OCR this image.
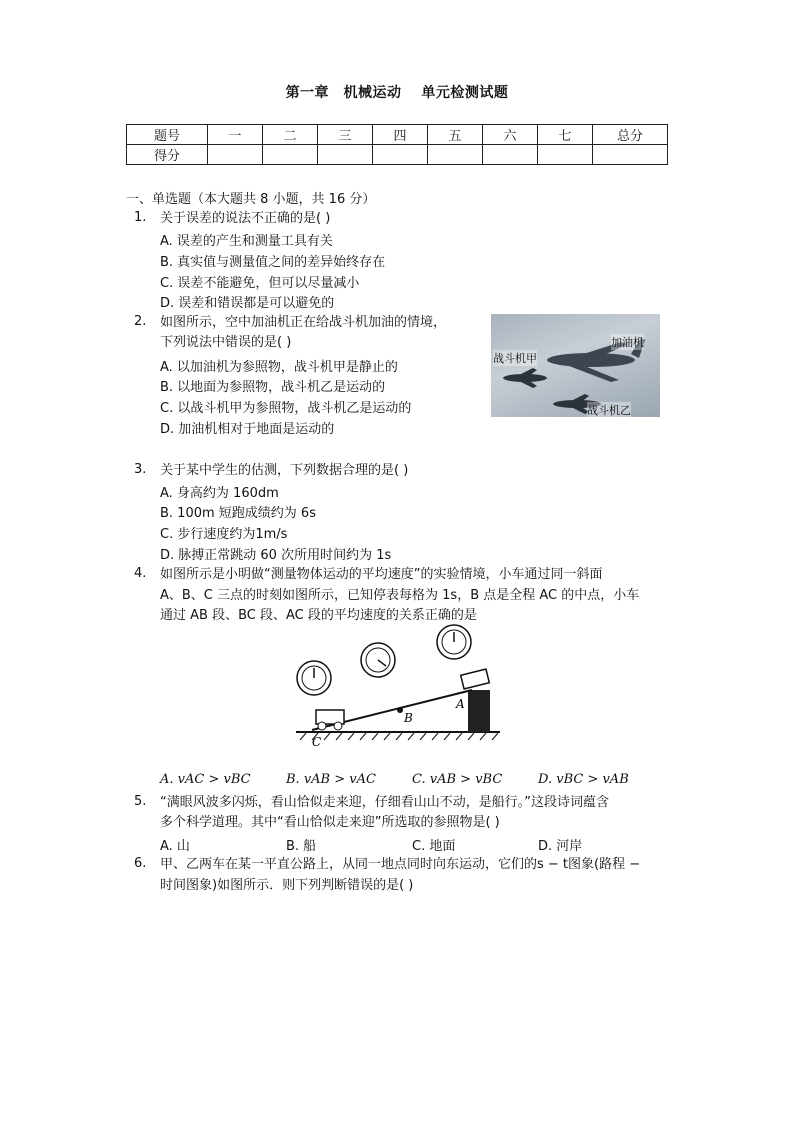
第一章　机械运动　 单元检测试题
题号	一	二	三	四	五	六	七	总分
得分								
一、单选题（本大题共 8 小题，共 16 分）
1. 关于误差的说法不正确的是( )
A. 误差的产生和测量工具有关
B. 真实值与测量值之间的差异始终存在
C. 误差不能避免，但可以尽量减小
D. 误差和错误都是可以避免的
2. 如图所示，空中加油机正在给战斗机加油的情境，
下列说法中错误的是( )
A. 以加油机为参照物，战斗机甲是静止的
B. 以地面为参照物，战斗机乙是运动的
C. 以战斗机甲为参照物，战斗机乙是运动的
D. 加油机相对于地面是运动的
加油机
战斗机甲
战斗机乙
3. 关于某中学生的估测，下列数据合理的是( )
A. 身高约为 160dm
B. 100m 短跑成绩约为 6s
C. 步行速度约为1m/s
D. 脉搏正常跳动 60 次所用时间约为 1s
4. 如图所示是小明做“测量物体运动的平均速度”的实验情境，小车通过同一斜面
A、B、C 三点的时刻如图所示，已知停表每格为 1s，B 点是全程 AC 的中点，小车
通过 AB 段、BC 段、AC 段的平均速度的关系正确的是
B
A
C
A. vAC > vBC	B. vAB > vAC	C. vAB > vBC	D. vBC > vAB
5. “满眼风波多闪烁，看山恰似走来迎，仔细看山山不动，是船行。”这段诗词蕴含
多个科学道理。其中“看山恰似走来迎”所选取的参照物是( )
A. 山	B. 船	C. 地面	D. 河岸
6. 甲、乙两车在某一平直公路上，从同一地点同时向东运动，它们的s − t图象(路程 −
时间图象)如图所示．则下列判断错误的是( )
